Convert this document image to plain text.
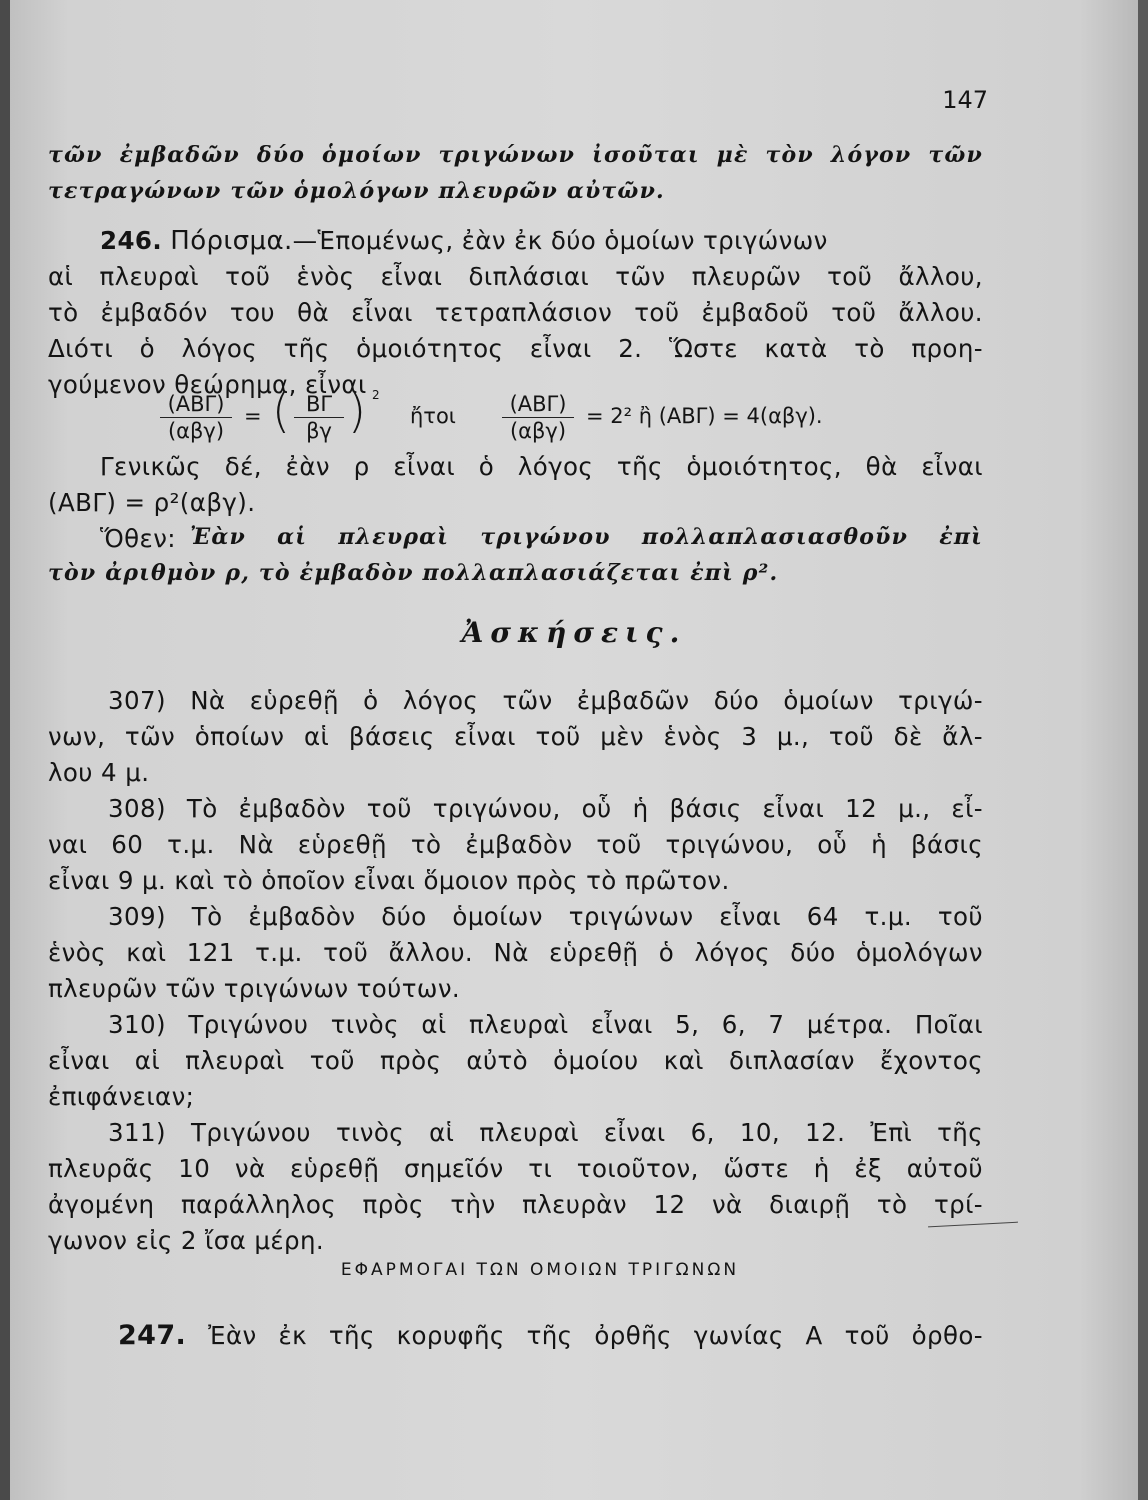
147
τῶν ἐμβαδῶν δύο ὁμοίων τριγώνων ἰσοῦται μὲ τὸν λόγον τῶν
τετραγώνων τῶν ὁμολόγων πλευρῶν αὐτῶν.
246. Πόρισμα.—Ἑπομένως, ἐὰν ἐκ δύο ὁμοίων τριγώνων
αἱ πλευραὶ τοῦ ἑνὸς εἶναι διπλάσιαι τῶν πλευρῶν τοῦ ἄλλου,
τὸ ἐμβαδόν του θὰ εἶναι τετραπλάσιον τοῦ ἐμβαδοῦ τοῦ ἄλλου.
Διότι ὁ λόγος τῆς ὁμοιότητος εἶναι 2. Ὥστε κατὰ τὸ προη-
γούμενον θεώρημα, εἶναι
(ΑΒΓ)
(αβγ)
= ( ΒΓ
βγ ) 2
ἤτοι	(ΑΒΓ)
(αβγ)
= 2² ἢ (ΑΒΓ) = 4(αβγ).
Γενικῶς δέ, ἐὰν ρ εἶναι ὁ λόγος τῆς ὁμοιότητος, θὰ εἶναι
(ΑΒΓ) = ρ²(αβγ).
Ὅθεν: Ἐὰν αἱ πλευραὶ τριγώνου πολλαπλασιασθοῦν ἐπὶ
τὸν ἀριθμὸν ρ, τὸ ἐμβαδὸν πολλαπλασιάζεται ἐπὶ ρ².
Ἀσκήσεις.
307) Νὰ εὑρεθῇ ὁ λόγος τῶν ἐμβαδῶν δύο ὁμοίων τριγώ-
νων, τῶν ὁποίων αἱ βάσεις εἶναι τοῦ μὲν ἑνὸς 3 μ., τοῦ δὲ ἄλ-
λου 4 μ.
308) Τὸ ἐμβαδὸν τοῦ τριγώνου, οὗ ἡ βάσις εἶναι 12 μ., εἶ-
ναι 60 τ.μ. Νὰ εὑρεθῇ τὸ ἐμβαδὸν τοῦ τριγώνου, οὗ ἡ βάσις
εἶναι 9 μ. καὶ τὸ ὁποῖον εἶναι ὅμοιον πρὸς τὸ πρῶτον.
309) Τὸ ἐμβαδὸν δύο ὁμοίων τριγώνων εἶναι 64 τ.μ. τοῦ
ἑνὸς καὶ 121 τ.μ. τοῦ ἄλλου. Νὰ εὑρεθῇ ὁ λόγος δύο ὁμολόγων
πλευρῶν τῶν τριγώνων τούτων.
310) Τριγώνου τινὸς αἱ πλευραὶ εἶναι 5, 6, 7 μέτρα. Ποῖαι
εἶναι αἱ πλευραὶ τοῦ πρὸς αὐτὸ ὁμοίου καὶ διπλασίαν ἔχοντος
ἐπιφάνειαν;
311) Τριγώνου τινὸς αἱ πλευραὶ εἶναι 6, 10, 12. Ἐπὶ τῆς
πλευρᾶς 10 νὰ εὑρεθῇ σημεῖόν τι τοιοῦτον, ὥστε ἡ ἐξ αὐτοῦ
ἀγομένη παράλληλος πρὸς τὴν πλευρὰν 12 νὰ διαιρῇ τὸ τρί-
γωνον εἰς 2 ἴσα μέρη.
ΕΦΑΡΜΟΓΑΙ ΤΩΝ ΟΜΟΙΩΝ ΤΡΙΓΩΝΩΝ
247. Ἐὰν ἐκ τῆς κορυφῆς τῆς ὀρθῆς γωνίας Α τοῦ ὀρθο-
